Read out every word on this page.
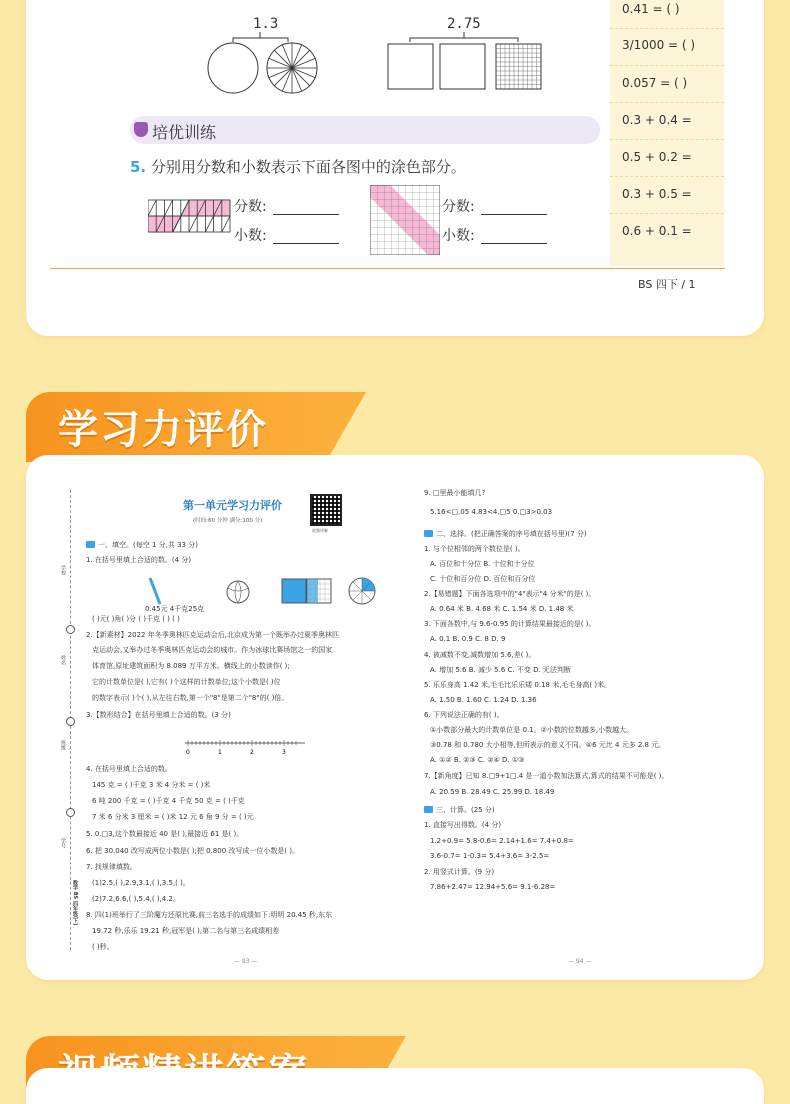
1.3	2.75
培优训练
5. 分别用分数和小数表示下面各图中的涂色部分。
分数:
小数:
分数:
小数:
0.41 = ( )
3/1000 = ( )
0.057 = ( )
0.3 + 0.4 =
0.5 + 0.2 =
0.3 + 0.5 =
0.6 + 0.1 =
BS 四下 / 1
学习力评价
学校
姓名
班级
学号
数学 BS 四年级(下)
第一单元学习力评价
(时间:60 分钟 满分:100 分)
视频讲解
一、填空。(每空 1 分,共 33 分)
1. 在括号里填上合适的数。(4 分)
0.45元 4千克25克
( )元( )角( )分 ( )千克 ( ) ( )
2.【新素材】2022 年冬季奥林匹克运动会后,北京成为第一个既举办过夏季奥林匹
克运动会,又举办过冬季奥林匹克运动会的城市。作为冰球比赛场馆之一的国家
体育馆,原址建筑面积为 8.089 万平方米。横线上的小数读作( );
它的计数单位是( ),它有( )个这样的计数单位;这个小数是( )位
的数字表示( )个( ),从左往右数,第一个"8"是第二个"8"的( )倍。
3.【数形结合】在括号里填上合适的数。(3 分)
0	1	2	3
4. 在括号里填上合适的数。
145 克 = ( )千克 3 米 4 分米 = ( )米
6 吨 200 千克 = ( )千克 4 千克 50 克 = ( )千克
7 米 6 分米 3 厘米 = ( )米 12 元 6 角 9 分 = ( )元
5. 0.□3,这个数最接近 40 是( ),最接近 61 是( )。
6. 把 30.040 改写成两位小数是( );把 0.800 改写成一位小数是( )。
7. 找规律填数。
(1)2.5,( ),2.9,3.1,( ),3.5,( )。
(2)7.2,6.6,( ),5.4,( ),4.2。
8. 四(1)班举行了三阶魔方还原比赛,前三名选手的成绩如下:明明 20.45 秒,东东
19.72 秒,乐乐 19.21 秒,冠军是( ),第二名与第三名成绩相差
( )秒。
— 93 —
9. □里最小能填几?
5.16<□.05 4.83<4.□5 0.□3>0.03
二、选择。(把正确答案的序号填在括号里)(7 分)
1. 与个位相邻的两个数位是( )。
A. 百位和十分位 B. 十位和十分位
C. 十位和百分位 D. 百位和百分位
2.【易错题】下面各选项中的"4"表示"4 分米"的是( )。
A. 0.64 米 B. 4.68 米 C. 1.54 米 D. 1.48 米
3. 下面各数中,与 9.6-0.95 的计算结果最接近的是( )。
A. 0.1 B. 0.9 C. 8 D. 9
4. 被减数不变,减数增加 5.6,差( )。
A. 增加 5.6 B. 减少 5.6 C. 不变 D. 无法判断
5. 乐乐身高 1.42 米,毛毛比乐乐矮 0.18 米,毛毛身高( )米。
A. 1.50 B. 1.60 C. 1.24 D. 1.36
6. 下列说法正确的有( )。
①小数部分最大的计数单位是 0.1。②小数的位数越多,小数越大。
③0.78 和 0.780 大小相等,但所表示的意义不同。④6 元比 4 元多 2.8 元。
A. ①② B. ②③ C. ②④ D. ①③
7.【新角度】已知 8.□9+1□.4 是一道小数加法算式,算式的结果不可能是( )。
A. 20.59 B. 28.49 C. 25.99 D. 18.49
三、计算。(25 分)
1. 直接写出得数。(4 分)
1.2+0.9= 5.8-0.6= 2.14+1.6= 7.4+0.8=
3.6-0.7= 1-0.3= 5.4+3.6= 3-2.5=
2. 用竖式计算。(9 分)
7.86+2.47= 12.94+5.6= 9.1-6.28=
— 94 —
